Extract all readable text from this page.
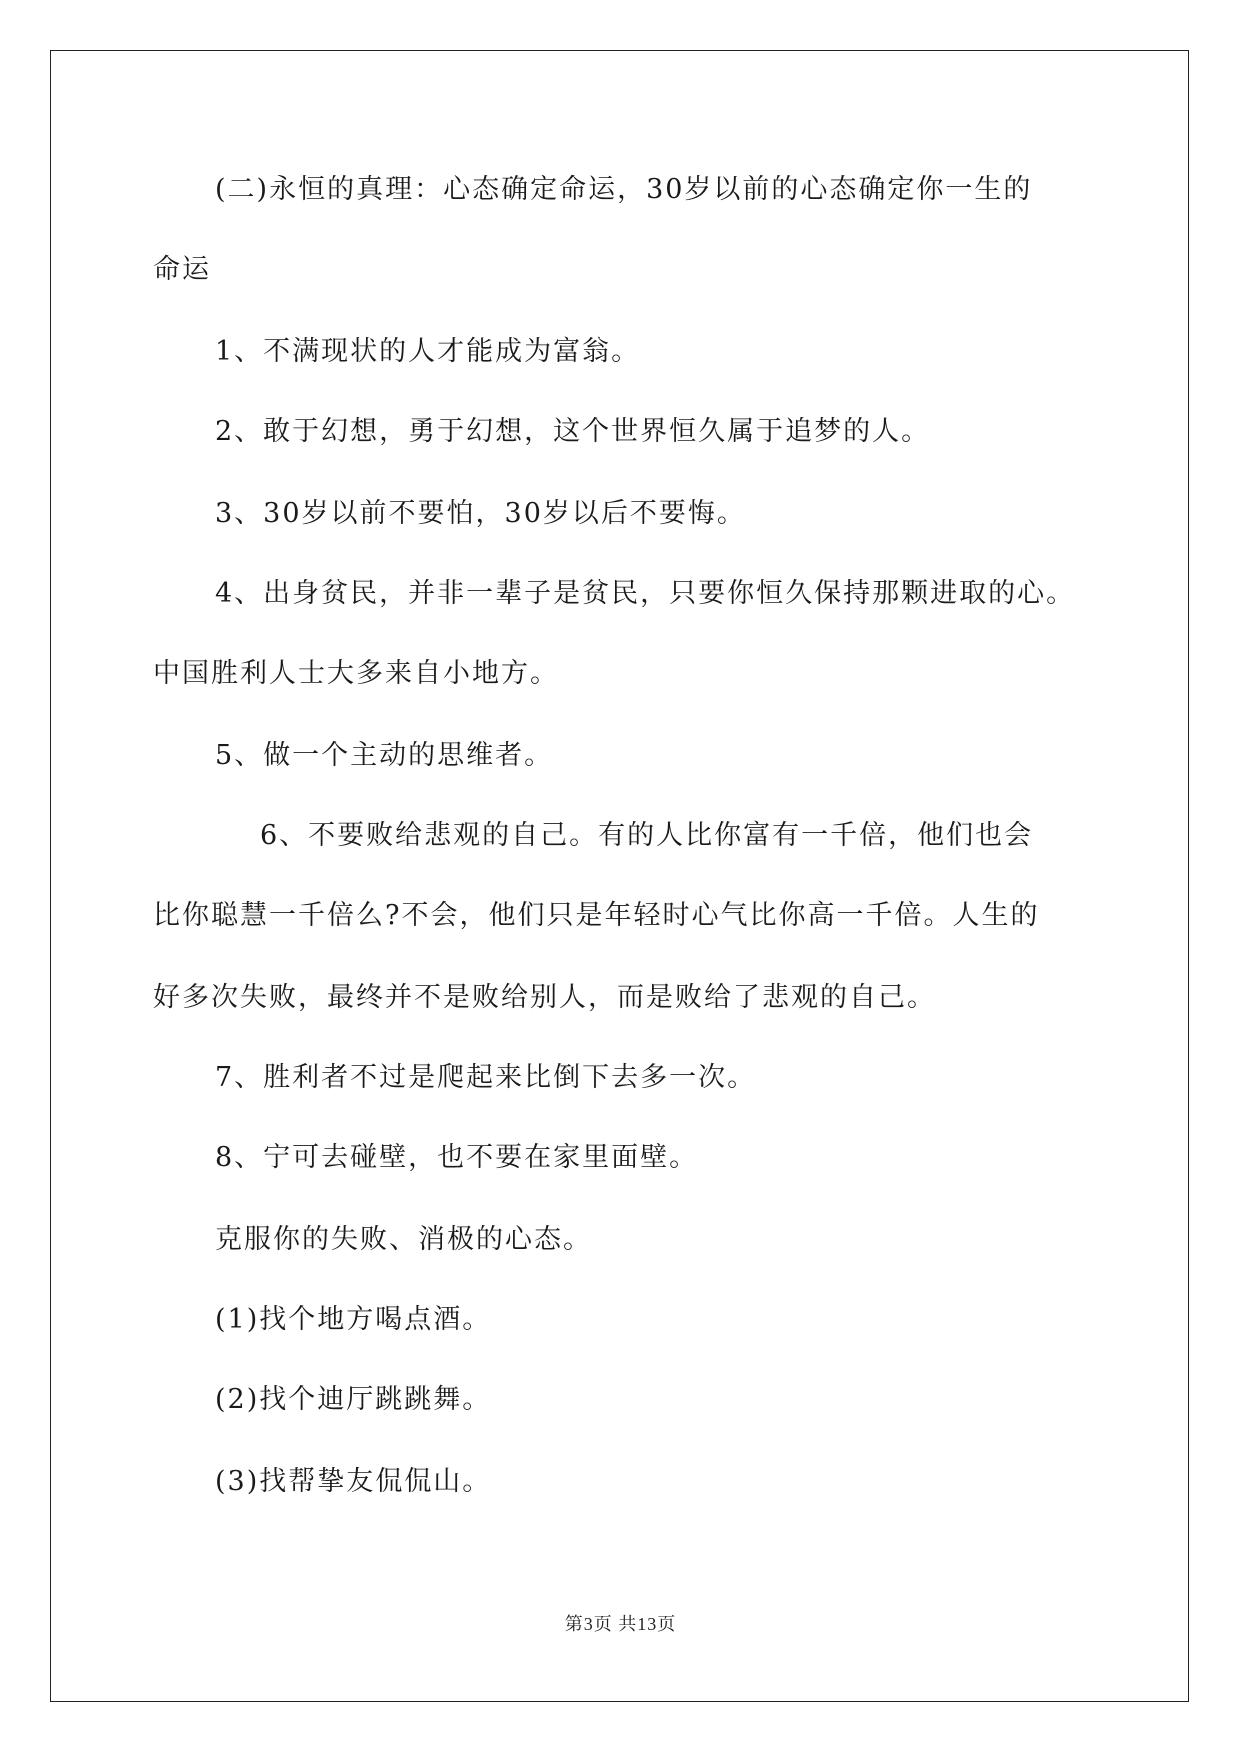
(二)永恒的真理：心态确定命运，30岁以前的心态确定你一生的
命运
1、不满现状的人才能成为富翁。
2、敢于幻想，勇于幻想，这个世界恒久属于追梦的人。
3、30岁以前不要怕，30岁以后不要悔。
4、出身贫民，并非一辈子是贫民，只要你恒久保持那颗进取的心。
中国胜利人士大多来自小地方。
5、做一个主动的思维者。
6、不要败给悲观的自己。有的人比你富有一千倍，他们也会
比你聪慧一千倍么?不会，他们只是年轻时心气比你高一千倍。人生的
好多次失败，最终并不是败给别人，而是败给了悲观的自己。
7、胜利者不过是爬起来比倒下去多一次。
8、宁可去碰壁，也不要在家里面壁。
克服你的失败、消极的心态。
(1)找个地方喝点酒。
(2)找个迪厅跳跳舞。
(3)找帮挚友侃侃山。
第3页 共13页
